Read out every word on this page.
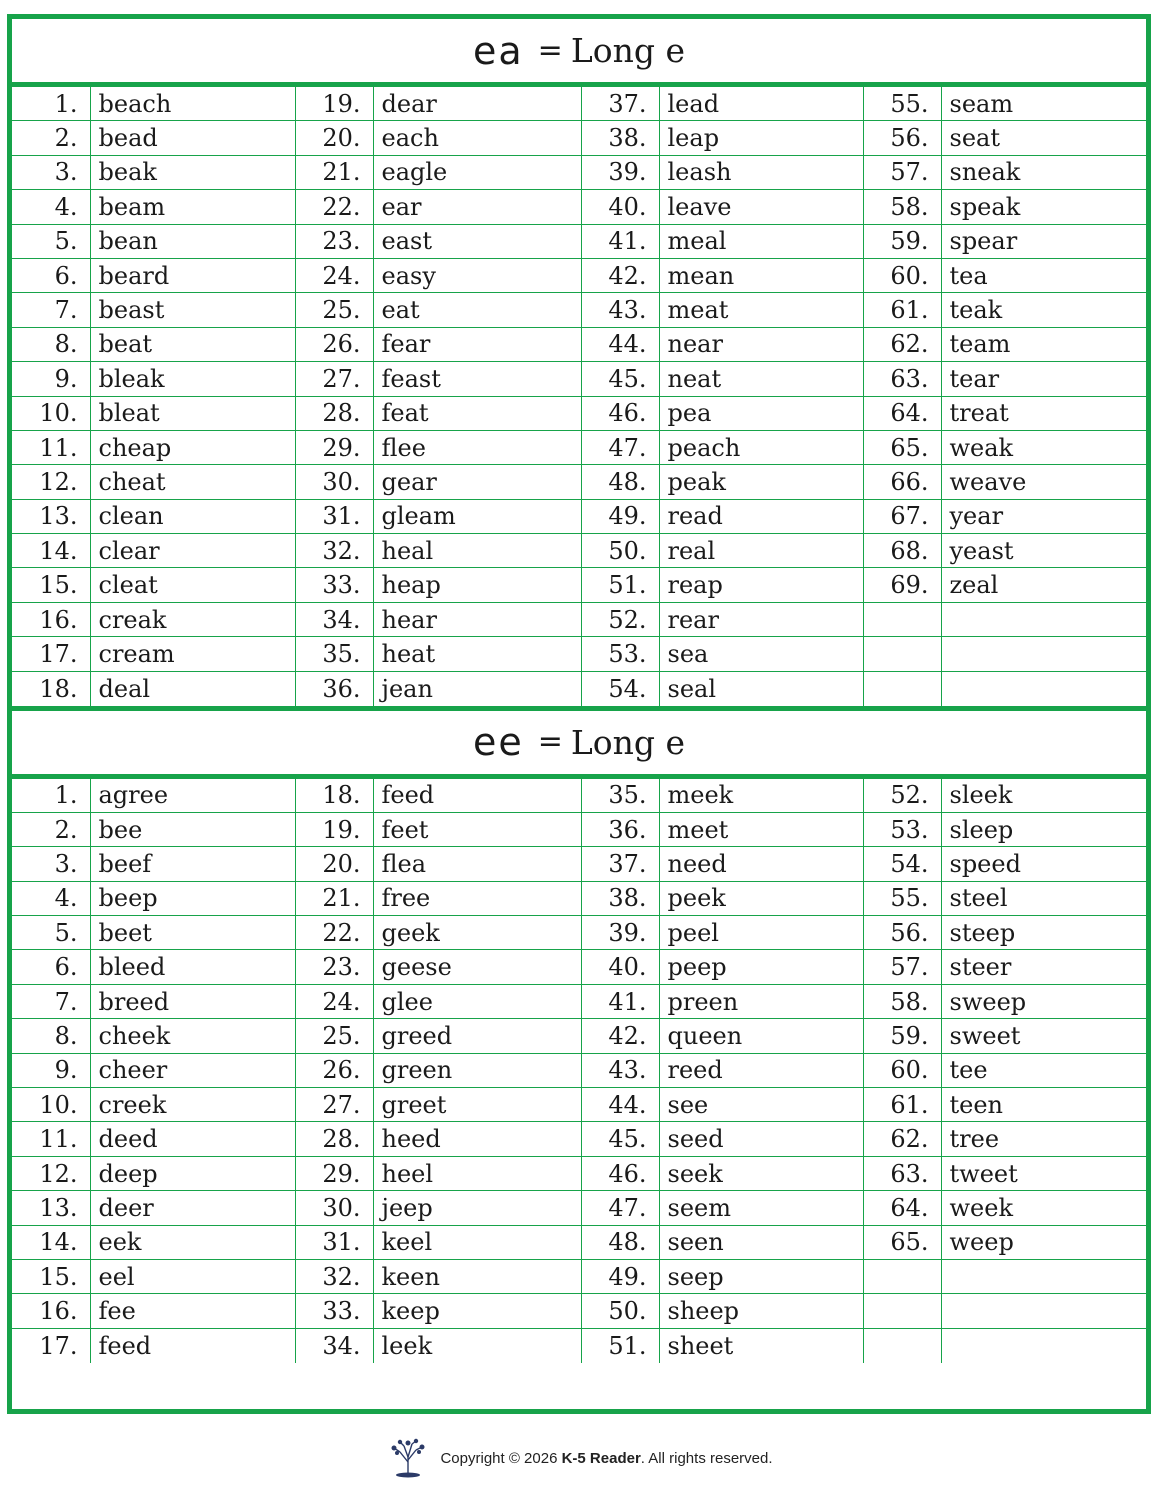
ea = Long e
1.	beach	19.	dear	37.	lead	55.	seam
2.	bead	20.	each	38.	leap	56.	seat
3.	beak	21.	eagle	39.	leash	57.	sneak
4.	beam	22.	ear	40.	leave	58.	speak
5.	bean	23.	east	41.	meal	59.	spear
6.	beard	24.	easy	42.	mean	60.	tea
7.	beast	25.	eat	43.	meat	61.	teak
8.	beat	26.	fear	44.	near	62.	team
9.	bleak	27.	feast	45.	neat	63.	tear
10.	bleat	28.	feat	46.	pea	64.	treat
11.	cheap	29.	flee	47.	peach	65.	weak
12.	cheat	30.	gear	48.	peak	66.	weave
13.	clean	31.	gleam	49.	read	67.	year
14.	clear	32.	heal	50.	real	68.	yeast
15.	cleat	33.	heap	51.	reap	69.	zeal
16.	creak	34.	hear	52.	rear		
17.	cream	35.	heat	53.	sea		
18.	deal	36.	jean	54.	seal		
ee = Long e
1.	agree	18.	feed	35.	meek	52.	sleek
2.	bee	19.	feet	36.	meet	53.	sleep
3.	beef	20.	flea	37.	need	54.	speed
4.	beep	21.	free	38.	peek	55.	steel
5.	beet	22.	geek	39.	peel	56.	steep
6.	bleed	23.	geese	40.	peep	57.	steer
7.	breed	24.	glee	41.	preen	58.	sweep
8.	cheek	25.	greed	42.	queen	59.	sweet
9.	cheer	26.	green	43.	reed	60.	tee
10.	creek	27.	greet	44.	see	61.	teen
11.	deed	28.	heed	45.	seed	62.	tree
12.	deep	29.	heel	46.	seek	63.	tweet
13.	deer	30.	jeep	47.	seem	64.	week
14.	eek	31.	keel	48.	seen	65.	weep
15.	eel	32.	keen	49.	seep		
16.	fee	33.	keep	50.	sheep		
17.	feed	34.	leek	51.	sheet		
Copyright © 2026 K-5 Reader . All rights reserved.
